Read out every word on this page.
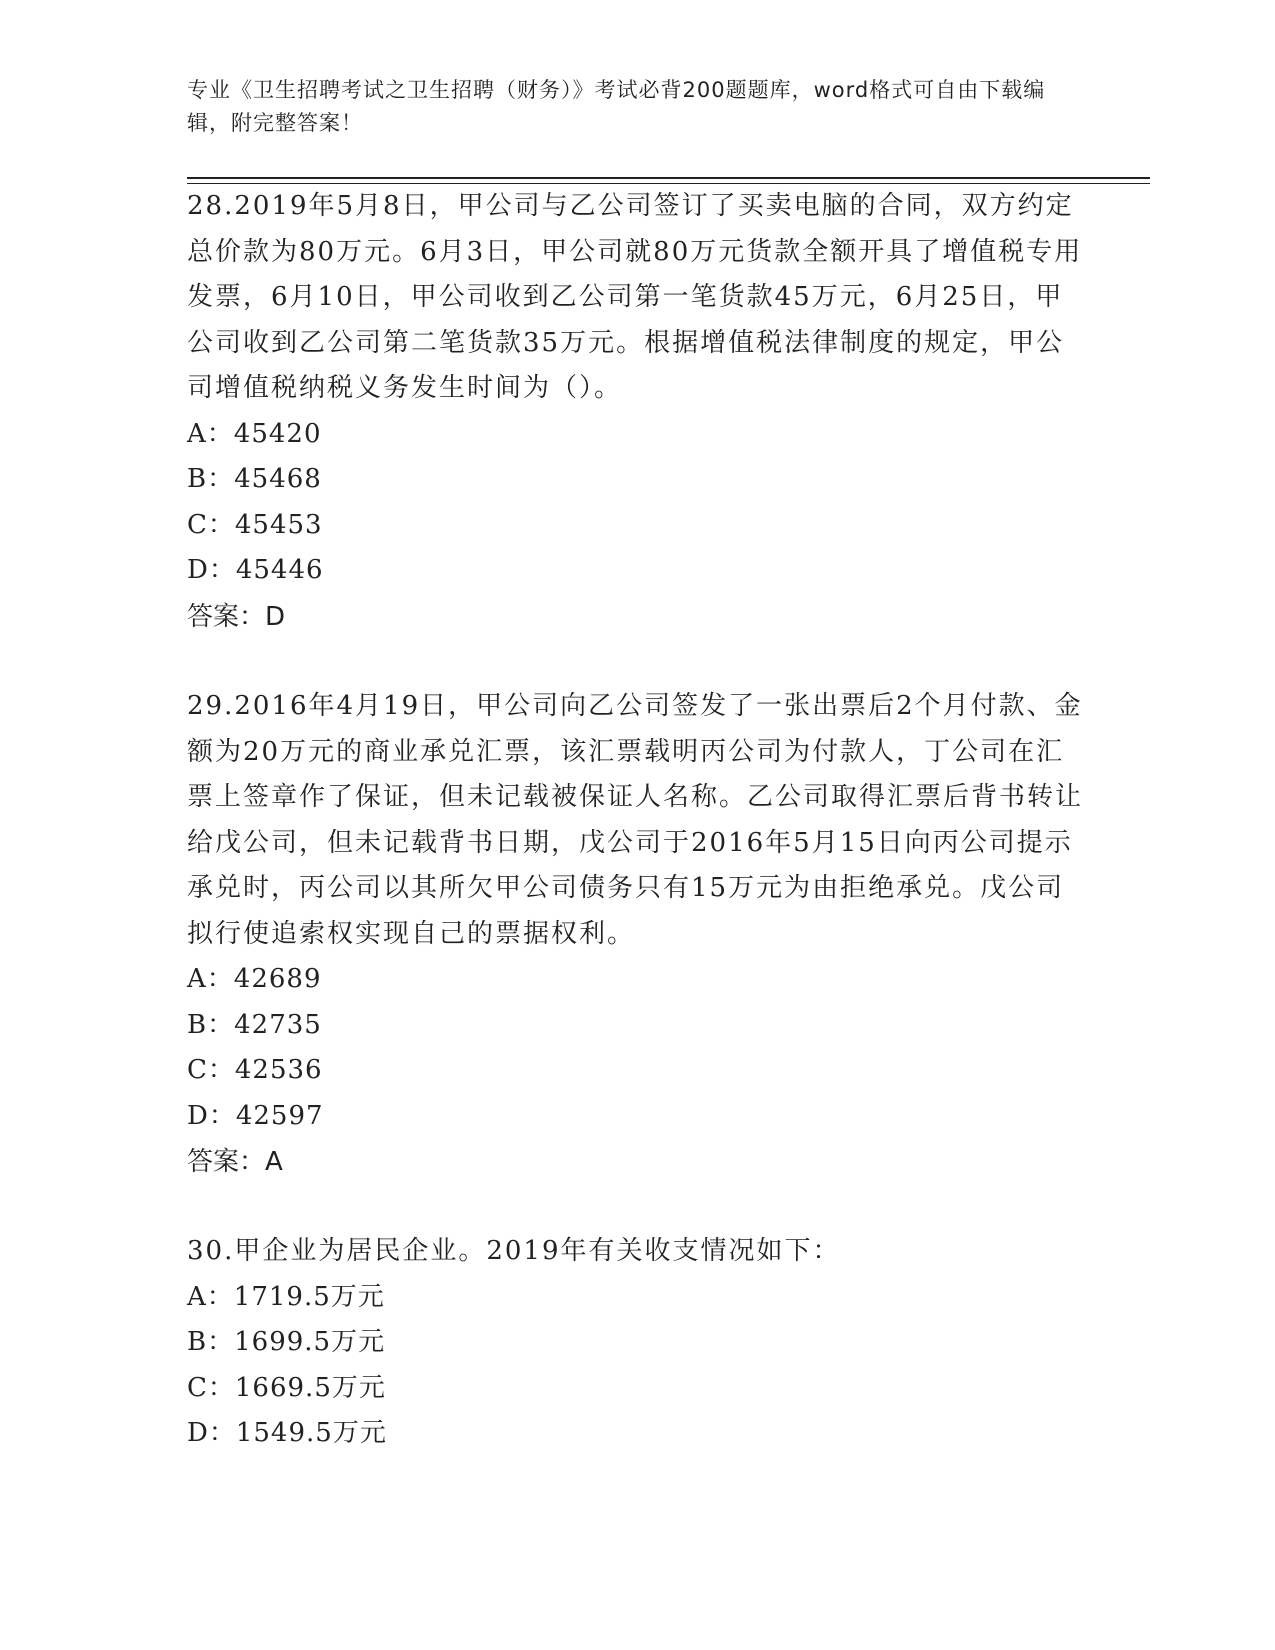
专业《卫生招聘考试之卫生招聘（财务）》考试必背200题题库，word格式可自由下载编辑，附完整答案！

28.2019年5月8日，甲公司与乙公司签订了买卖电脑的合同，双方约定总价款为80万元。6月3日，甲公司就80万元货款全额开具了增值税专用发票，6月10日，甲公司收到乙公司第一笔货款45万元，6月25日，甲公司收到乙公司第二笔货款35万元。根据增值税法律制度的规定，甲公司增值税纳税义务发生时间为（）。

A：45420

B：45468

C：45453

D：45446

答案：D

29.2016年4月19日，甲公司向乙公司签发了一张出票后2个月付款、金额为20万元的商业承兑汇票，该汇票载明丙公司为付款人，丁公司在汇票上签章作了保证，但未记载被保证人名称。乙公司取得汇票后背书转让给戊公司，但未记载背书日期，戊公司于2016年5月15日向丙公司提示承兑时，丙公司以其所欠甲公司债务只有15万元为由拒绝承兑。戊公司拟行使追索权实现自己的票据权利。

A：42689

B：42735

C：42536

D：42597

答案：A

30.甲企业为居民企业。2019年有关收支情况如下：

A：1719.5万元

B：1699.5万元

C：1669.5万元

D：1549.5万元
